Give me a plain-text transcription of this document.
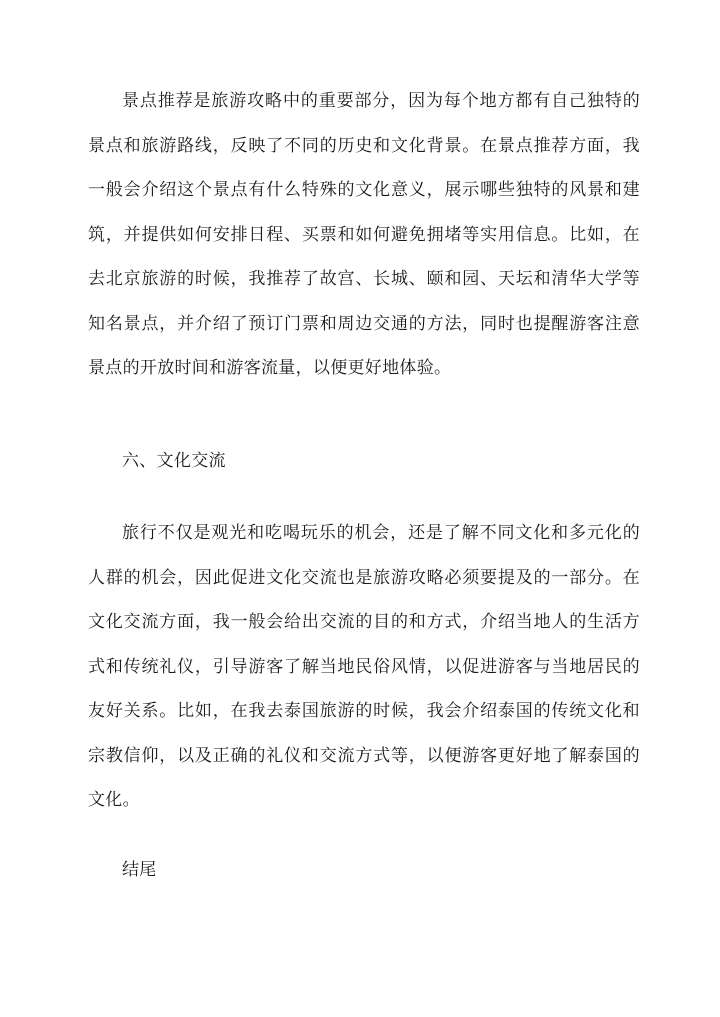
景点推荐是旅游攻略中的重要部分，因为每个地方都有自己独特的景点和旅游路线，反映了不同的历史和文化背景。在景点推荐方面，我一般会介绍这个景点有什么特殊的文化意义，展示哪些独特的风景和建筑，并提供如何安排日程、买票和如何避免拥堵等实用信息。比如，在去北京旅游的时候，我推荐了故宫、长城、颐和园、天坛和清华大学等知名景点，并介绍了预订门票和周边交通的方法，同时也提醒游客注意景点的开放时间和游客流量，以便更好地体验。

六、文化交流

旅行不仅是观光和吃喝玩乐的机会，还是了解不同文化和多元化的人群的机会，因此促进文化交流也是旅游攻略必须要提及的一部分。在文化交流方面，我一般会给出交流的目的和方式，介绍当地人的生活方式和传统礼仪，引导游客了解当地民俗风情，以促进游客与当地居民的友好关系。比如，在我去泰国旅游的时候，我会介绍泰国的传统文化和宗教信仰，以及正确的礼仪和交流方式等，以便游客更好地了解泰国的文化。

结尾
